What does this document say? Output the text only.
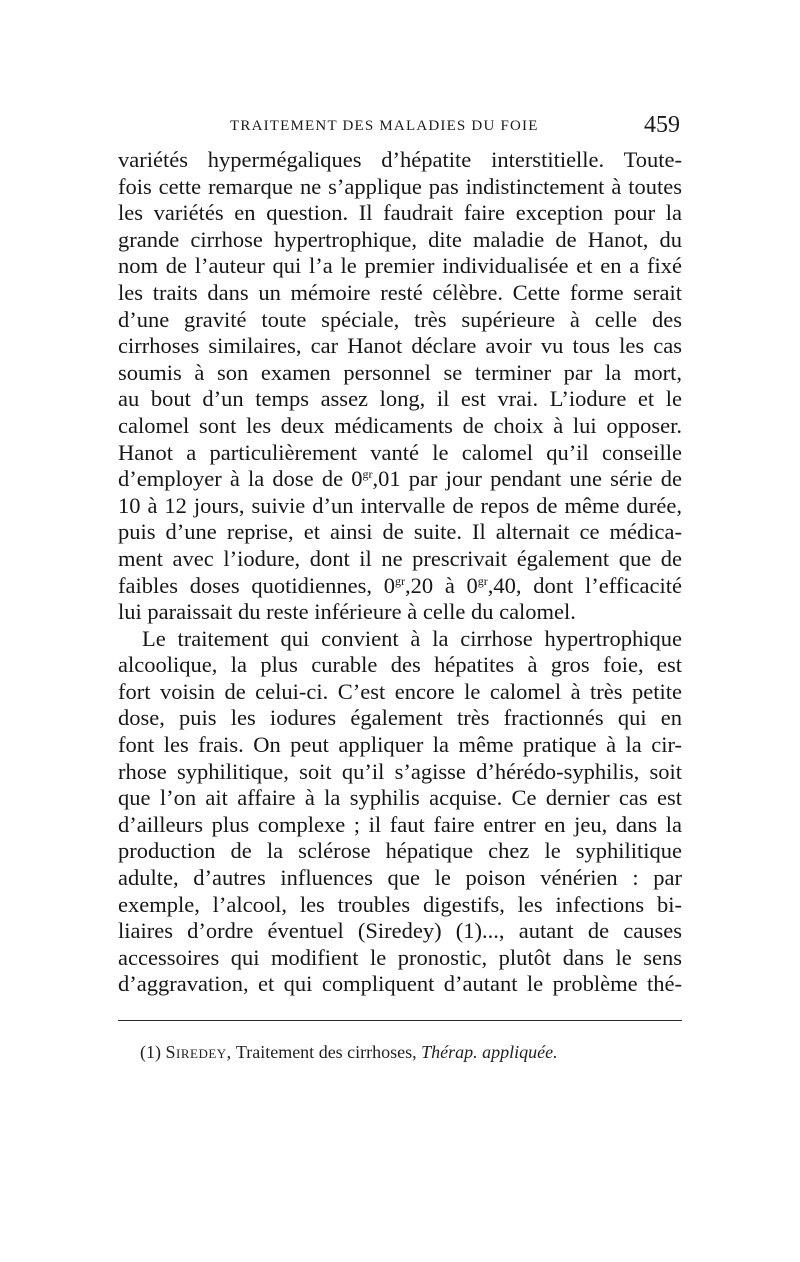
TRAITEMENT DES MALADIES DU FOIE	459
variétés hypermégaliques d’hépatite interstitielle. Toute-
fois cette remarque ne s’applique pas indistinctement à toutes
les variétés en question. Il faudrait faire exception pour la
grande cirrhose hypertrophique, dite maladie de Hanot, du
nom de l’auteur qui l’a le premier individualisée et en a fixé
les traits dans un mémoire resté célèbre. Cette forme serait
d’une gravité toute spéciale, très supérieure à celle des
cirrhoses similaires, car Hanot déclare avoir vu tous les cas
soumis à son examen personnel se terminer par la mort,
au bout d’un temps assez long, il est vrai. L’iodure et le
calomel sont les deux médicaments de choix à lui opposer.
Hanot a particulièrement vanté le calomel qu’il conseille
d’employer à la dose de $0^{gr},01$ par jour pendant une série de
10 à 12 jours, suivie d’un intervalle de repos de même durée,
puis d’une reprise, et ainsi de suite. Il alternait ce médica-
ment avec l’iodure, dont il ne prescrivait également que de
faibles doses quotidiennes, $0^{gr},20$ à $0^{gr},40$, dont l’efficacité
lui paraissait du reste inférieure à celle du calomel.
Le traitement qui convient à la cirrhose hypertrophique
alcoolique, la plus curable des hépatites à gros foie, est
fort voisin de celui-ci. C’est encore le calomel à très petite
dose, puis les iodures également très fractionnés qui en
font les frais. On peut appliquer la même pratique à la cir-
rhose syphilitique, soit qu’il s’agisse d’hérédo-syphilis, soit
que l’on ait affaire à la syphilis acquise. Ce dernier cas est
d’ailleurs plus complexe ; il faut faire entrer en jeu, dans la
production de la sclérose hépatique chez le syphilitique
adulte, d’autres influences que le poison vénérien : par
exemple, l’alcool, les troubles digestifs, les infections bi-
liaires d’ordre éventuel (Siredey) (1)..., autant de causes
accessoires qui modifient le pronostic, plutôt dans le sens
d’aggravation, et qui compliquent d’autant le problème thé-
(1) Siredey, Traitement des cirrhoses, Thérap. appliquée.
